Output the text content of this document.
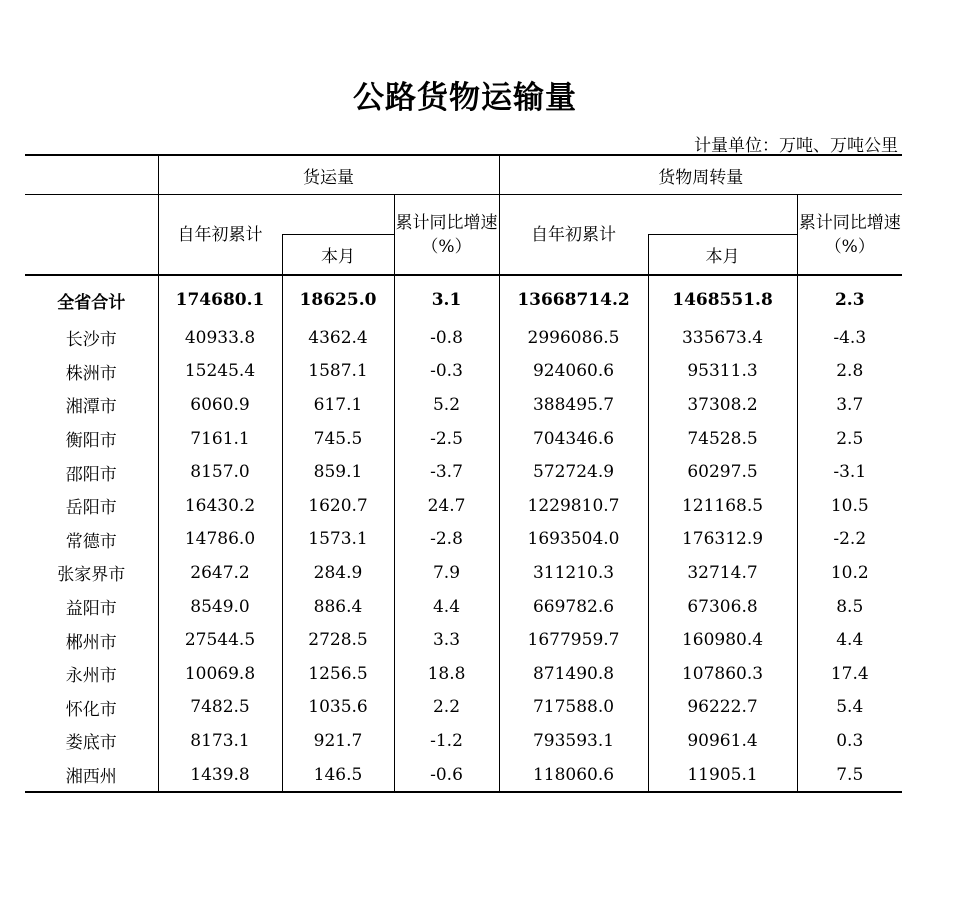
公路货物运输量
计量单位：万吨、万吨公里
	货运量			货物周转量		

	自年初累计		累计同比增速（%）	自年初累计		累计同比增速（%）

		本月			本月	
全省合计	174680.1	18625.0	3.1	13668714.2	1468551.8	2.3
长沙市	40933.8	4362.4	-0.8	2996086.5	335673.4	-4.3
株洲市	15245.4	1587.1	-0.3	924060.6	95311.3	2.8
湘潭市	6060.9	617.1	5.2	388495.7	37308.2	3.7
衡阳市	7161.1	745.5	-2.5	704346.6	74528.5	2.5
邵阳市	8157.0	859.1	-3.7	572724.9	60297.5	-3.1
岳阳市	16430.2	1620.7	24.7	1229810.7	121168.5	10.5
常德市	14786.0	1573.1	-2.8	1693504.0	176312.9	-2.2
张家界市	2647.2	284.9	7.9	311210.3	32714.7	10.2
益阳市	8549.0	886.4	4.4	669782.6	67306.8	8.5
郴州市	27544.5	2728.5	3.3	1677959.7	160980.4	4.4
永州市	10069.8	1256.5	18.8	871490.8	107860.3	17.4
怀化市	7482.5	1035.6	2.2	717588.0	96222.7	5.4
娄底市	8173.1	921.7	-1.2	793593.1	90961.4	0.3
湘西州	1439.8	146.5	-0.6	118060.6	11905.1	7.5
